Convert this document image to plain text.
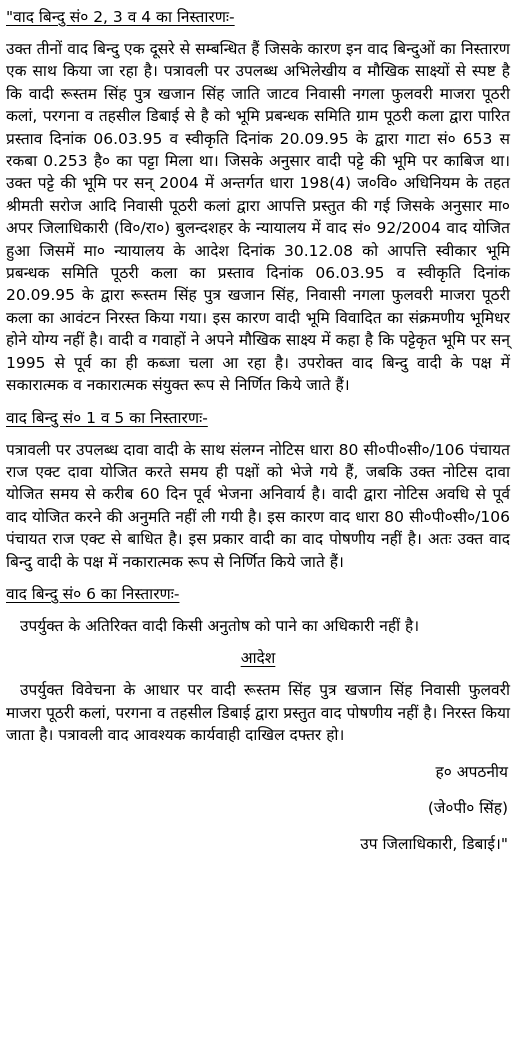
"वाद बिन्दु सं० 2, 3 व 4 का निस्तारणः-

उक्त तीनों वाद बिन्दु एक दूसरे से सम्बन्धित हैं जिसके कारण इन वाद बिन्दुओं का निस्तारण एक साथ किया जा रहा है। पत्रावली पर उपलब्ध अभिलेखीय व मौखिक साक्ष्यों से स्पष्ट है कि वादी रूस्तम सिंह पुत्र खजान सिंह जाति जाटव निवासी नगला फुलवरी माजरा पूठरी कलां, परगना व तहसील डिबाई से है को भूमि प्रबन्धक समिति ग्राम पूठरी कला द्वारा पारित प्रस्ताव दिनांक 06.03.95 व स्वीकृति दिनांक 20.09.95 के द्वारा गाटा सं० 653 स रकबा 0.253 है० का पट्टा मिला था। जिसके अनुसार वादी पट्टे की भूमि पर काबिज था। उक्त पट्टे की भूमि पर सन् 2004 में अन्तर्गत धारा 198(4) ज०वि० अधिनियम के तहत श्रीमती सरोज आदि निवासी पूठरी कलां द्वारा आपत्ति प्रस्तुत की गई जिसके अनुसार मा० अपर जिलाधिकारी (वि०/रा०) बुलन्दशहर के न्यायालय में वाद सं० 92/2004 वाद योजित हुआ जिसमें मा० न्यायालय के आदेश दिनांक 30.12.08 को आपत्ति स्वीकार भूमि प्रबन्धक समिति पूठरी कला का प्रस्ताव दिनांक 06.03.95 व स्वीकृति दिनांक 20.09.95 के द्वारा रूस्तम सिंह पुत्र खजान सिंह, निवासी नगला फुलवरी माजरा पूठरी कला का आवंटन निरस्त किया गया। इस कारण वादी भूमि विवादित का संक्रमणीय भूमिधर होने योग्य नहीं है। वादी व गवाहों ने अपने मौखिक साक्ष्य में कहा है कि पट्टेकृत भूमि पर सन् 1995 से पूर्व का ही कब्जा चला आ रहा है। उपरोक्त वाद बिन्दु वादी के पक्ष में सकारात्मक व नकारात्मक संयुक्त रूप से निर्णित किये जाते हैं।

वाद बिन्दु सं० 1 व 5 का निस्तारणः-

पत्रावली पर उपलब्ध दावा वादी के साथ संलग्न नोटिस धारा 80 सी०पी०सी०/106 पंचायत राज एक्ट दावा योजित करते समय ही पक्षों को भेजे गये हैं, जबकि उक्त नोटिस दावा योजित समय से करीब 60 दिन पूर्व भेजना अनिवार्य है। वादी द्वारा नोटिस अवधि से पूर्व वाद योजित करने की अनुमति नहीं ली गयी है। इस कारण वाद धारा 80 सी०पी०सी०/106 पंचायत राज एक्ट से बाधित है। इस प्रकार वादी का वाद पोषणीय नहीं है। अतः उक्त वाद बिन्दु वादी के पक्ष में नकारात्मक रूप से निर्णित किये जाते हैं।

वाद बिन्दु सं० 6 का निस्तारणः-

उपर्युक्त के अतिरिक्त वादी किसी अनुतोष को पाने का अधिकारी नहीं है।

आदेश

उपर्युक्त विवेचना के आधार पर वादी रूस्तम सिंह पुत्र खजान सिंह निवासी फुलवरी माजरा पूठरी कलां, परगना व तहसील डिबाई द्वारा प्रस्तुत वाद पोषणीय नहीं है। निरस्त किया जाता है। पत्रावली वाद आवश्यक कार्यवाही दाखिल दफ्तर हो।

ह० अपठनीय

(जे०पी० सिंह)

उप जिलाधिकारी, डिबाई।"
